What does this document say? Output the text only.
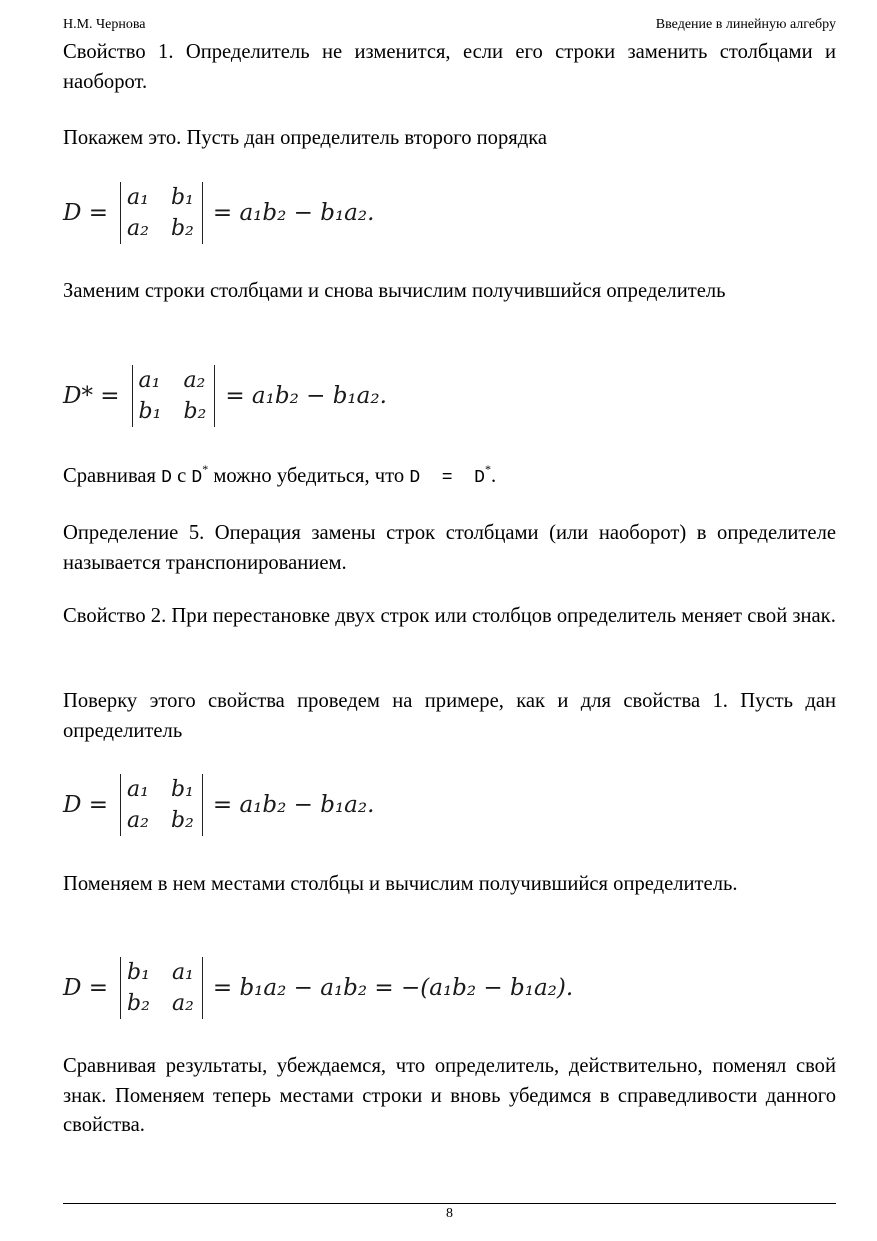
Н.М. Чернова	Введение в линейную алгебру

Свойство 1. Определитель не изменится, если его строки заменить столбцами и наоборот.

Покажем это. Пусть дан определитель второго порядка

D =
a₁ b₁
a₂ b₂
= a₁b₂ − b₁a₂.

Заменим строки столбцами и снова вычислим получившийся определитель

D* =
a₁ a₂
b₁ b₂
= a₁b₂ − b₁a₂.

Сравнивая D с D* можно убедиться, что D  =  D*.

Определение 5. Операция замены строк столбцами (или наоборот) в определителе называется транспонированием.

Свойство 2. При перестановке двух строк или столбцов определитель меняет свой знак.

Поверку этого свойства проведем на примере, как и для свойства 1. Пусть дан определитель

D =
a₁ b₁
a₂ b₂
= a₁b₂ − b₁a₂.

Поменяем в нем местами столбцы и вычислим получившийся определитель.

D =
b₁ a₁
b₂ a₂
= b₁a₂ − a₁b₂ = −(a₁b₂ − b₁a₂).

Сравнивая результаты, убеждаемся, что определитель, действительно, поменял свой знак. Поменяем теперь местами строки и вновь убедимся в справедливости данного свойства.

8
